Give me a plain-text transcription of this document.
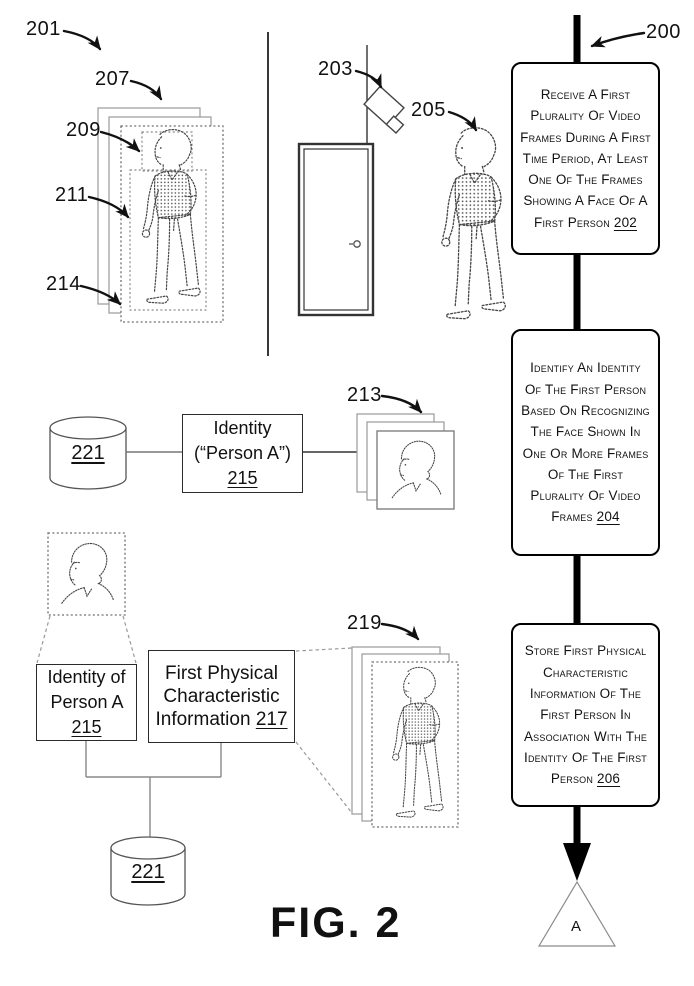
201
207
209
211
214
203
205
213
219
200
Receive A First Plurality Of Video Frames During A First Time Period, At Least One Of The Frames Showing A Face Of A First Person 202
Identify An Identity Of The First Person Based On Recognizing The Face Shown In One Or More Frames Of The First Plurality Of Video Frames 204
Store First Physical Characteristic Information Of The First Person In Association With The Identity Of The First Person 206
Identity (“Person A”) 215
Identity of Person A 215
First Physical Characteristic Information 217
221
221
A
FIG. 2
